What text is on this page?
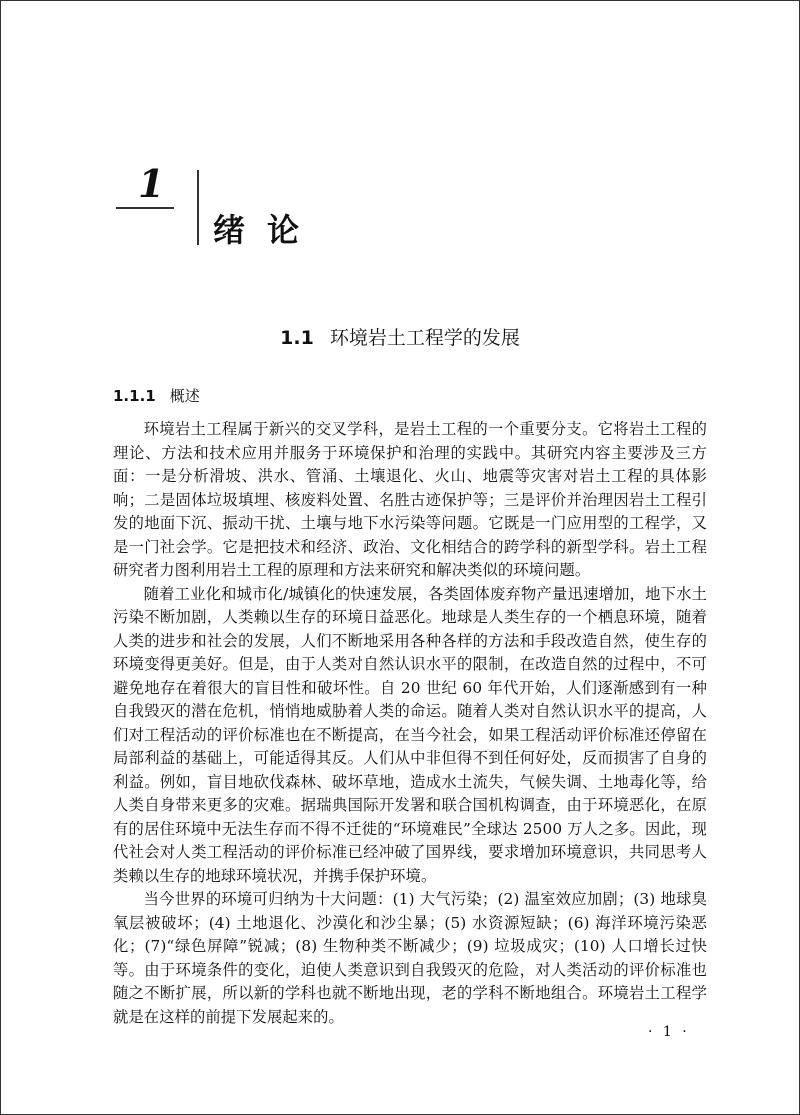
1
绪论
1.1 环境岩土工程学的发展
1.1.1 概述

环境岩土工程属于新兴的交叉学科，是岩土工程的一个重要分支。它将岩土工程的理论、方法和技术应用并服务于环境保护和治理的实践中。其研究内容主要涉及三方面：一是分析滑坡、洪水、管涌、土壤退化、火山、地震等灾害对岩土工程的具体影响；二是固体垃圾填埋、核废料处置、名胜古迹保护等；三是评价并治理因岩土工程引发的地面下沉、振动干扰、土壤与地下水污染等问题。它既是一门应用型的工程学，又是一门社会学。它是把技术和经济、政治、文化相结合的跨学科的新型学科。岩土工程研究者力图利用岩土工程的原理和方法来研究和解决类似的环境问题。

随着工业化和城市化/城镇化的快速发展，各类固体废弃物产量迅速增加，地下水土污染不断加剧，人类赖以生存的环境日益恶化。地球是人类生存的一个栖息环境，随着人类的进步和社会的发展，人们不断地采用各种各样的方法和手段改造自然，使生存的环境变得更美好。但是，由于人类对自然认识水平的限制，在改造自然的过程中，不可避免地存在着很大的盲目性和破坏性。自 20 世纪 60 年代开始，人们逐渐感到有一种自我毁灭的潜在危机，悄悄地威胁着人类的命运。随着人类对自然认识水平的提高，人们对工程活动的评价标准也在不断提高，在当今社会，如果工程活动评价标准还停留在局部利益的基础上，可能适得其反。人们从中非但得不到任何好处，反而损害了自身的利益。例如，盲目地砍伐森林、破坏草地，造成水土流失，气候失调、土地毒化等，给人类自身带来更多的灾难。据瑞典国际开发署和联合国机构调查，由于环境恶化，在原有的居住环境中无法生存而不得不迁徙的“环境难民”全球达 2500 万人之多。因此，现代社会对人类工程活动的评价标准已经冲破了国界线，要求增加环境意识，共同思考人类赖以生存的地球环境状况，并携手保护环境。

当今世界的环境可归纳为十大问题：(1) 大气污染；(2) 温室效应加剧；(3) 地球臭氧层被破坏；(4) 土地退化、沙漠化和沙尘暴；(5) 水资源短缺；(6) 海洋环境污染恶化；(7)“绿色屏障”锐减；(8) 生物种类不断减少；(9) 垃圾成灾；(10) 人口增长过快等。由于环境条件的变化，迫使人类意识到自我毁灭的危险，对人类活动的评价标准也随之不断扩展，所以新的学科也就不断地出现，老的学科不断地组合。环境岩土工程学就是在这样的前提下发展起来的。

· 1 ·
